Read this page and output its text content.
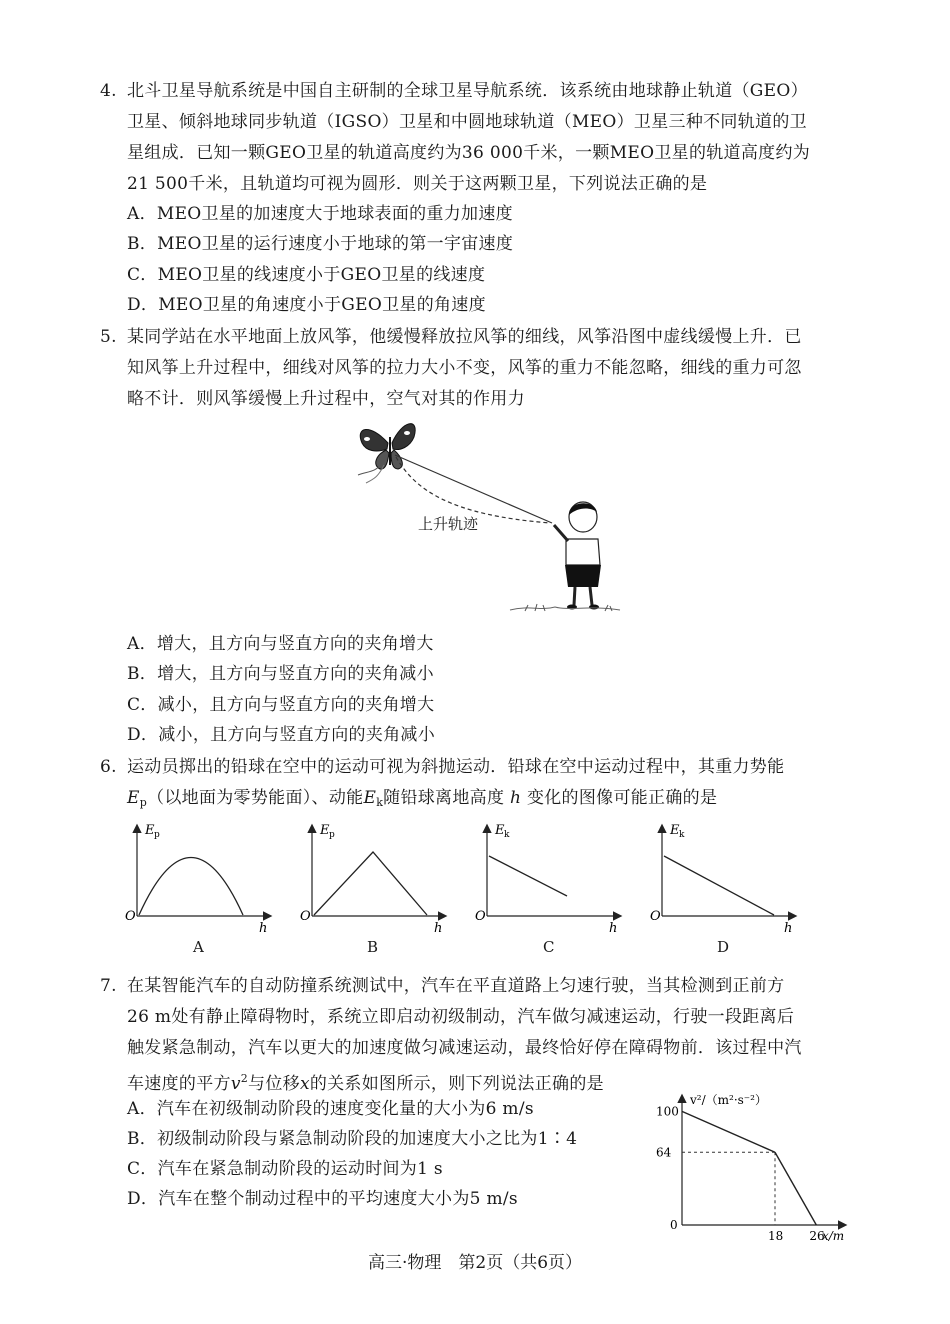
4. 北斗卫星导航系统是中国自主研制的全球卫星导航系统．该系统由地球静止轨道（GEO）
卫星、倾斜地球同步轨道（IGSO）卫星和中圆地球轨道（MEO）卫星三种不同轨道的卫
星组成．已知一颗GEO卫星的轨道高度约为36 000千米，一颗MEO卫星的轨道高度约为
21 500千米，且轨道均可视为圆形．则关于这两颗卫星，下列说法正确的是
A．MEO卫星的加速度大于地球表面的重力加速度
B．MEO卫星的运行速度小于地球的第一宇宙速度
C．MEO卫星的线速度小于GEO卫星的线速度
D．MEO卫星的角速度小于GEO卫星的角速度
5. 某同学站在水平地面上放风筝，他缓慢释放拉风筝的细线，风筝沿图中虚线缓慢上升．已
知风筝上升过程中，细线对风筝的拉力大小不变，风筝的重力不能忽略，细线的重力可忽
略不计．则风筝缓慢上升过程中，空气对其的作用力
上升轨迹
A．增大，且方向与竖直方向的夹角增大
B．增大，且方向与竖直方向的夹角减小
C．减小，且方向与竖直方向的夹角增大
D．减小，且方向与竖直方向的夹角减小
6. 运动员掷出的铅球在空中的运动可视为斜抛运动．铅球在空中运动过程中，其重力势能
$E_p$（以地面为零势能面）、动能$E_k$随铅球离地高度 h 变化的图像可能正确的是
E p
O
h
E p
O
h
E k
O
h
E k
O
h
A	B	C	D
7. 在某智能汽车的自动防撞系统测试中，汽车在平直道路上匀速行驶，当其检测到正前方
26 m处有静止障碍物时，系统立即启动初级制动，汽车做匀减速运动，行驶一段距离后
触发紧急制动，汽车以更大的加速度做匀减速运动，最终恰好停在障碍物前．该过程中汽
车速度的平方$v^2$与位移x的关系如图所示，则下列说法正确的是
A．汽车在初级制动阶段的速度变化量的大小为6 m/s
B．初级制动阶段与紧急制动阶段的加速度大小之比为1∶4
C．汽车在紧急制动阶段的运动时间为1 s
D．汽车在整个制动过程中的平均速度大小为5 m/s
v²/（m²·s⁻²）
x/m
0
100
64
18 26
高三·物理　第2页（共6页）
